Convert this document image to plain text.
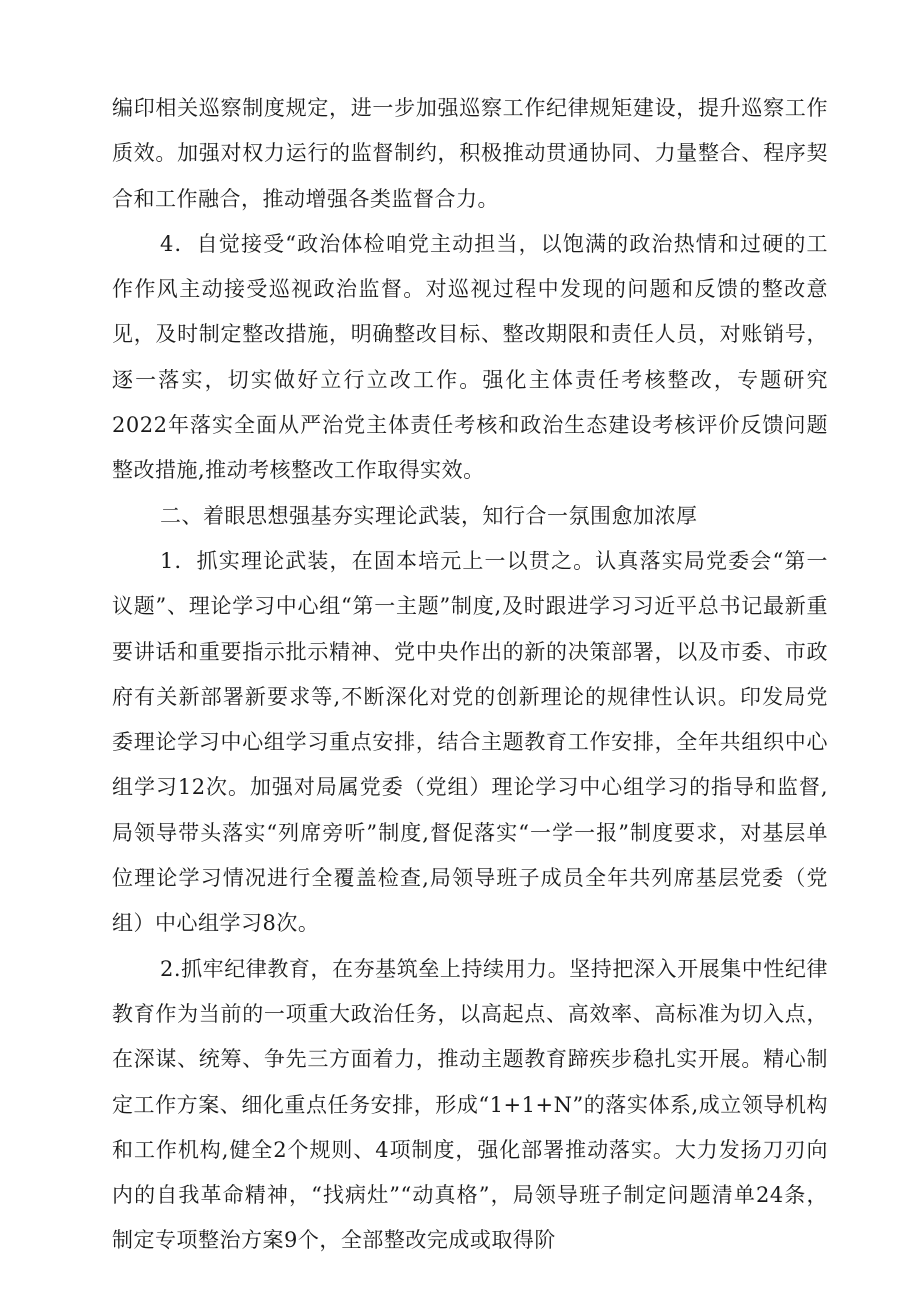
编印相关巡察制度规定，进一步加强巡察工作纪律规矩建设，提升巡察工作质效。加强对权力运行的监督制约，积极推动贯通协同、力量整合、程序契合和工作融合，推动增强各类监督合力。

4．自觉接受“政治体检咱党主动担当，以饱满的政治热情和过硬的工作作风主动接受巡视政治监督。对巡视过程中发现的问题和反馈的整改意见，及时制定整改措施，明确整改目标、整改期限和责任人员，对账销号，逐一落实，切实做好立行立改工作。强化主体责任考核整改，专题研究2022年落实全面从严治党主体责任考核和政治生态建设考核评价反馈问题整改措施,推动考核整改工作取得实效。

二、着眼思想强基夯实理论武装，知行合一氛围愈加浓厚

1．抓实理论武装，在固本培元上一以贯之。认真落实局党委会“第一议题”、理论学习中心组“第一主题”制度,及时跟进学习习近平总书记最新重要讲话和重要指示批示精神、党中央作出的新的决策部署，以及市委、市政府有关新部署新要求等,不断深化对党的创新理论的规律性认识。印发局党委理论学习中心组学习重点安排，结合主题教育工作安排，全年共组织中心组学习12次。加强对局属党委（党组）理论学习中心组学习的指导和监督,局领导带头落实“列席旁听”制度,督促落实“一学一报”制度要求，对基层单位理论学习情况进行全覆盖检查,局领导班子成员全年共列席基层党委（党组）中心组学习8次。

2.抓牢纪律教育，在夯基筑垒上持续用力。坚持把深入开展集中性纪律教育作为当前的一项重大政治任务，以高起点、高效率、高标准为切入点，在深谋、统筹、争先三方面着力，推动主题教育蹄疾步稳扎实开展。精心制定工作方案、细化重点任务安排，形成“1+1+N”的落实体系,成立领导机构和工作机构,健全2个规则、4项制度，强化部署推动落实。大力发扬刀刃向内的自我革命精神，“找病灶”“动真格”，局领导班子制定问题清单24条，制定专项整治方案9个，全部整改完成或取得阶
